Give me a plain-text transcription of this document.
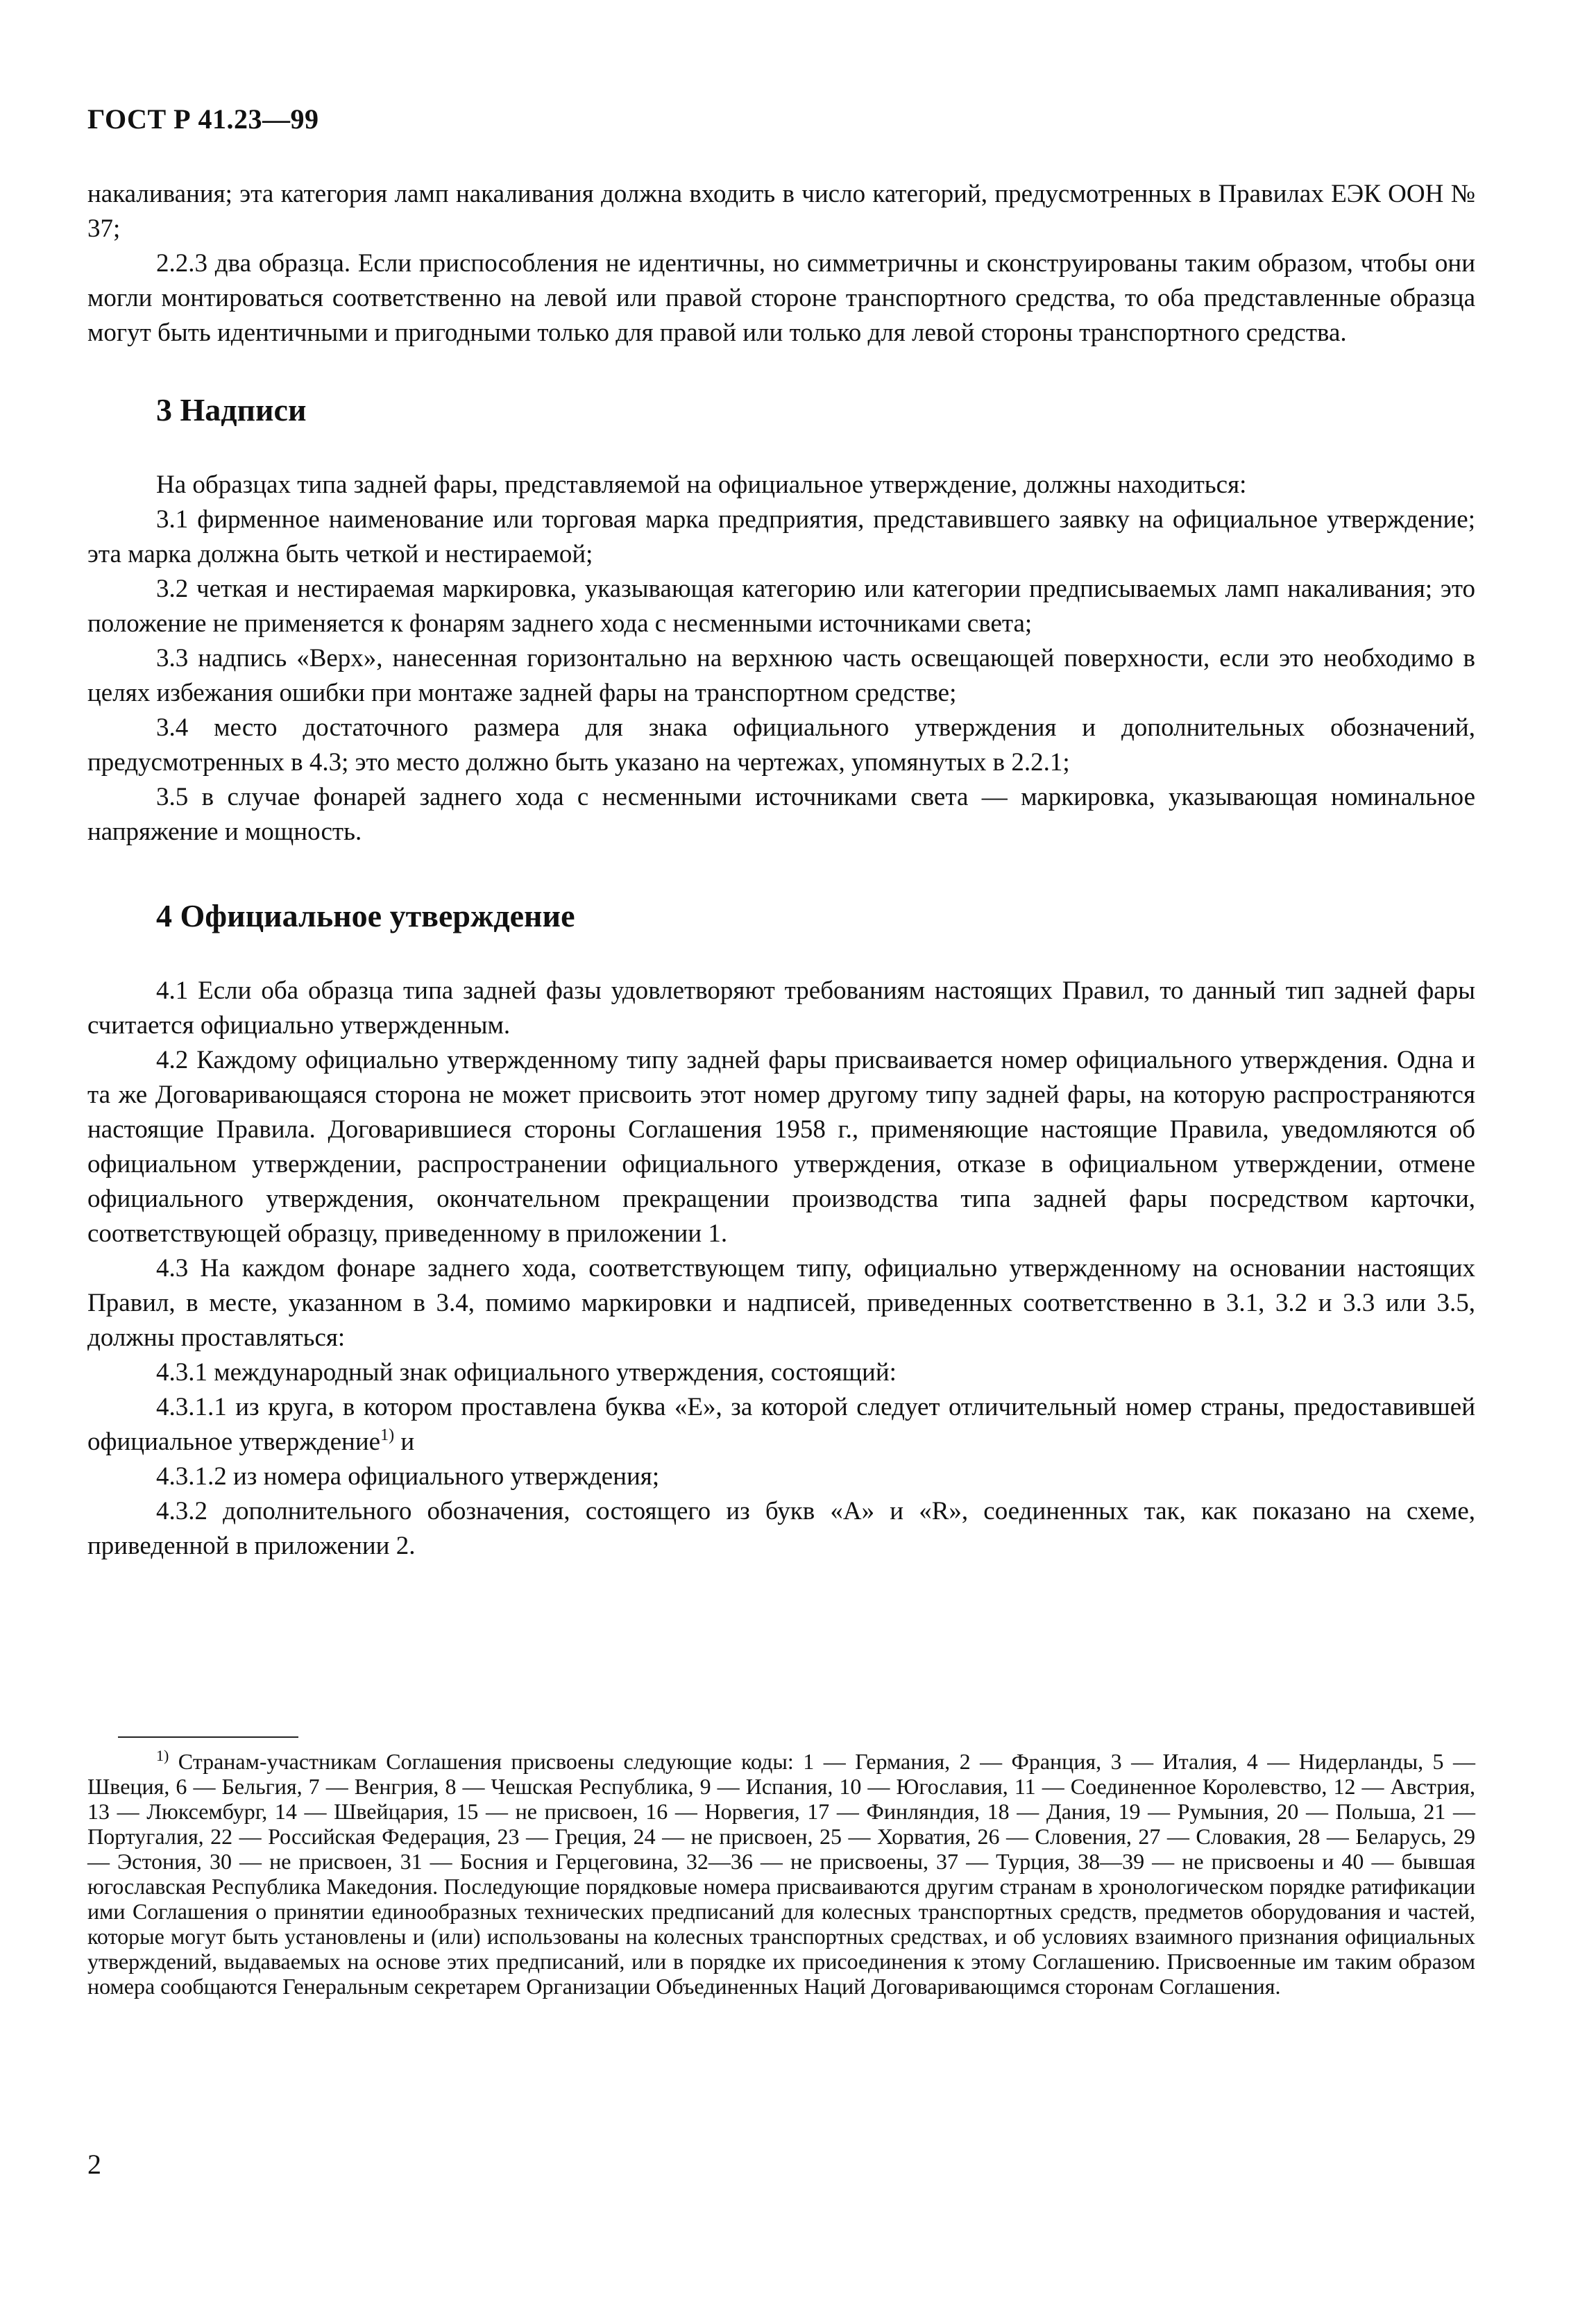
ГОСТ Р 41.23—99

накаливания; эта категория ламп накаливания должна входить в число категорий, предусмотренных в Правилах ЕЭК ООН № 37;

2.2.3 два образца. Если приспособления не идентичны, но симметричны и сконструированы таким образом, чтобы они могли монтироваться соответственно на левой или правой стороне транспортного средства, то оба представленные образца могут быть идентичными и пригодными только для правой или только для левой стороны транспортного средства.

3 Надписи

На образцах типа задней фары, представляемой на официальное утверждение, должны находиться:

3.1 фирменное наименование или торговая марка предприятия, представившего заявку на официальное утверждение; эта марка должна быть четкой и нестираемой;

3.2 четкая и нестираемая маркировка, указывающая категорию или категории предписываемых ламп накаливания; это положение не применяется к фонарям заднего хода с несменными источниками света;

3.3 надпись «Верх», нанесенная горизонтально на верхнюю часть освещающей поверхности, если это необходимо в целях избежания ошибки при монтаже задней фары на транспортном средстве;

3.4 место достаточного размера для знака официального утверждения и дополнительных обозначений, предусмотренных в 4.3; это место должно быть указано на чертежах, упомянутых в 2.2.1;

3.5 в случае фонарей заднего хода с несменными источниками света — маркировка, указывающая номинальное напряжение и мощность.

4 Официальное утверждение

4.1 Если оба образца типа задней фазы удовлетворяют требованиям настоящих Правил, то данный тип задней фары считается официально утвержденным.

4.2 Каждому официально утвержденному типу задней фары присваивается номер официального утверждения. Одна и та же Договаривающаяся сторона не может присвоить этот номер другому типу задней фары, на которую распространяются настоящие Правила. Договарившиеся стороны Соглашения 1958 г., применяющие настоящие Правила, уведомляются об официальном утверждении, распространении официального утверждения, отказе в официальном утверждении, отмене официального утверждения, окончательном прекращении производства типа задней фары посредством карточки, соответствующей образцу, приведенному в приложении 1.

4.3 На каждом фонаре заднего хода, соответствующем типу, официально утвержденному на основании настоящих Правил, в месте, указанном в 3.4, помимо маркировки и надписей, приведенных соответственно в 3.1, 3.2 и 3.3 или 3.5, должны проставляться:

4.3.1 международный знак официального утверждения, состоящий:

4.3.1.1 из круга, в котором проставлена буква «Е», за которой следует отличительный номер страны, предоставившей официальное утверждение$^{1)}$ и

4.3.1.2 из номера официального утверждения;

4.3.2 дополнительного обозначения, состоящего из букв «А» и «R», соединенных так, как показано на схеме, приведенной в приложении 2.

$^{1)}$ Странам-участникам Соглашения присвоены следующие коды: 1 — Германия, 2 — Франция, 3 — Италия, 4 — Нидерланды, 5 — Швеция, 6 — Бельгия, 7 — Венгрия, 8 — Чешская Республика, 9 — Испания, 10 — Югославия, 11 — Соединенное Королевство, 12 — Австрия, 13 — Люксембург, 14 — Швейцария, 15 — не присвоен, 16 — Норвегия, 17 — Финляндия, 18 — Дания, 19 — Румыния, 20 — Польша, 21 — Португалия, 22 — Российская Федерация, 23 — Греция, 24 — не присвоен, 25 — Хорватия, 26 — Словения, 27 — Словакия, 28 — Беларусь, 29 — Эстония, 30 — не присвоен, 31 — Босния и Герцеговина, 32—36 — не присвоены, 37 — Турция, 38—39 — не присвоены и 40 — бывшая югославская Республика Македония. Последующие порядковые номера присваиваются другим странам в хронологическом порядке ратификации ими Соглашения о принятии единообразных технических предписаний для колесных транспортных средств, предметов оборудования и частей, которые могут быть установлены и (или) использованы на колесных транспортных средствах, и об условиях взаимного признания официальных утверждений, выдаваемых на основе этих предписаний, или в порядке их присоединения к этому Соглашению. Присвоенные им таким образом номера сообщаются Генеральным секретарем Организации Объединенных Наций Договаривающимся сторонам Соглашения.

2
